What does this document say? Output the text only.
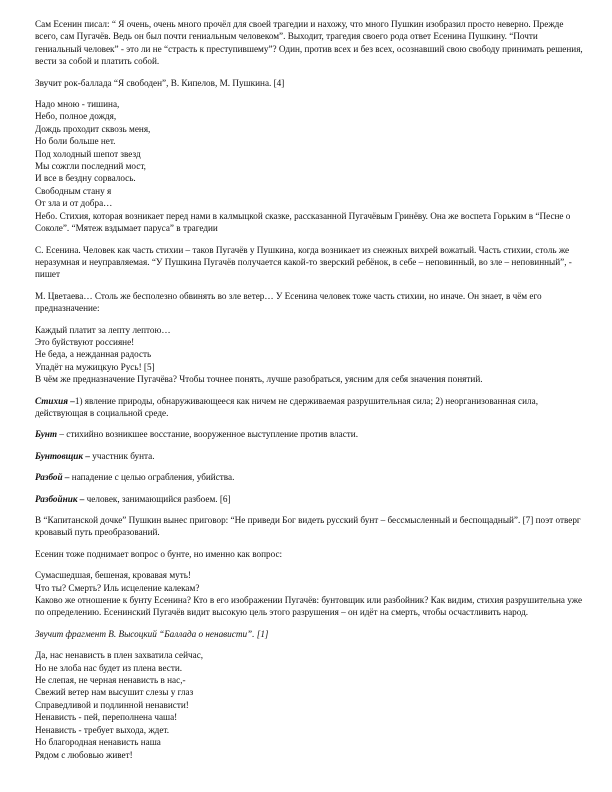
Сам Есенин писал: “ Я очень, очень много прочёл для своей трагедии и нахожу, что много Пушкин изобразил просто неверно. Прежде всего, сам Пугачёв. Ведь он был почти гениальным человеком”. Выходит, трагедия своего рода ответ Есенина Пушкину. “Почти гениальный человек” - это ли не “страсть к преступившему”? Один, против всех и без всех, осознавший свою свободу принимать решения, вести за собой и платить собой.

Звучит рок-баллада “Я свободен”, В. Кипелов, М. Пушкина. [4]

Надо мною - тишина,
Небо, полное дождя,
Дождь проходит сквозь меня,
Но боли больше нет.
Под холодный шепот звезд
Мы сожгли последний мост,
И все в бездну сорвалось.
Свободным стану я
От зла и от добра…
Небо. Стихия, которая возникает перед нами в калмыцкой сказке, рассказанной Пугачёвым Гринёву. Она же воспета Горьким в “Песне о Соколе”. “Мятеж вздымает паруса” в трагедии

С. Есенина. Человек как часть стихии – таков Пугачёв у Пушкина, когда возникает из снежных вихрей вожатый. Часть стихии, столь же неразумная и неуправляемая. “У Пушкина Пугачёв получается какой-то зверский ребёнок, в себе – неповинный, во зле – неповинный”, - пишет

М. Цветаева… Столь же бесполезно обвинять во зле ветер… У Есенина человек тоже часть стихии, но иначе. Он знает, в чём его предназначение:

Каждый платит за лепту лептою…
Это буйствуют россияне!
Не беда, а нежданная радость
Упадёт на мужицкую Русь! [5]
В чём же предназначение Пугачёва? Чтобы точнее понять, лучше разобраться, уясним для себя значения понятий.

Стихия –1) явление природы, обнаруживающееся как ничем не сдерживаемая разрушительная сила; 2) неорганизованная сила, действующая в социальной среде.

Бунт – стихийно возникшее восстание, вооруженное выступление против власти.

Бунтовщик – участник бунта.

Разбой – нападение с целью ограбления, убийства.

Разбойник – человек, занимающийся разбоем. [6]

В “Капитанской дочке” Пушкин вынес приговор: “Не приведи Бог видеть русский бунт – бессмысленный и беспощадный”. [7] поэт отверг кровавый путь преобразований.

Есенин тоже поднимает вопрос о бунте, но именно как вопрос:

Сумасшедшая, бешеная, кровавая муть!
Что ты? Смерть? Иль исцеление калекам?
Каково же отношение к бунту Есенина? Кто в его изображении Пугачёв: бунтовщик или разбойник? Как видим, стихия разрушительна уже по определению. Есенинский Пугачёв видит высокую цель этого разрушения – он идёт на смерть, чтобы осчастливить народ.

Звучит фрагмент В. Высоцкий “Баллада о ненависти”. [1]

Да, нас ненависть в плен захватила сейчас,
Но не злоба нас будет из плена вести.
Не слепая, не черная ненависть в нас,-
Свежий ветер нам высушит слезы у глаз
Справедливой и подлинной ненависти!
Ненависть - пей, переполнена чаша!
Ненависть - требует выхода, ждет.
Но благородная ненависть наша
Рядом с любовью живет!
